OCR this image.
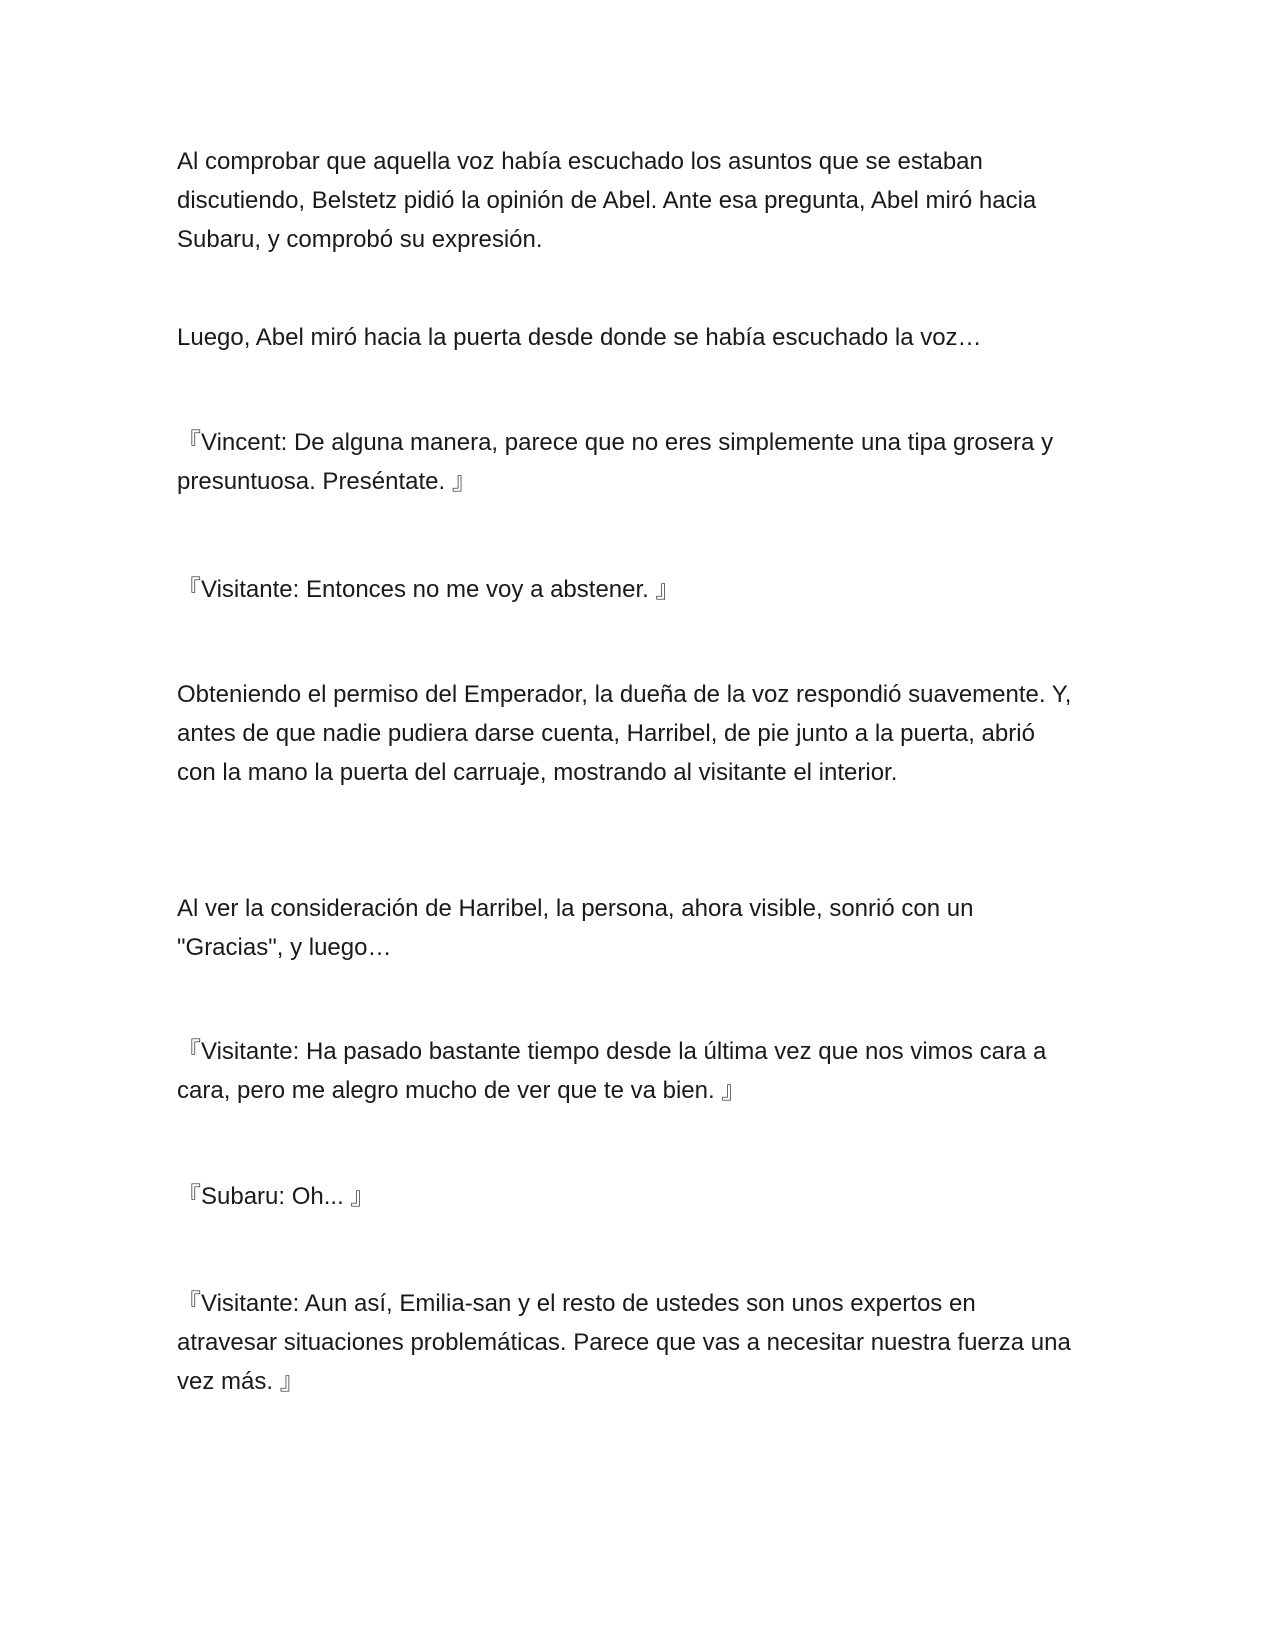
Al comprobar que aquella voz había escuchado los asuntos que se estaban discutiendo, Belstetz pidió la opinión de Abel. Ante esa pregunta, Abel miró hacia Subaru, y comprobó su expresión.

Luego, Abel miró hacia la puerta desde donde se había escuchado la voz…

『Vincent: De alguna manera, parece que no eres simplemente una tipa grosera y presuntuosa. Preséntate. 』

『Visitante: Entonces no me voy a abstener. 』

Obteniendo el permiso del Emperador, la dueña de la voz respondió suavemente. Y, antes de que nadie pudiera darse cuenta, Harribel, de pie junto a la puerta, abrió con la mano la puerta del carruaje, mostrando al visitante el interior.

Al ver la consideración de Harribel, la persona, ahora visible, sonrió con un "Gracias", y luego…

『Visitante: Ha pasado bastante tiempo desde la última vez que nos vimos cara a cara, pero me alegro mucho de ver que te va bien. 』

『Subaru: Oh... 』

『Visitante: Aun así, Emilia-san y el resto de ustedes son unos expertos en atravesar situaciones problemáticas. Parece que vas a necesitar nuestra fuerza una vez más. 』
